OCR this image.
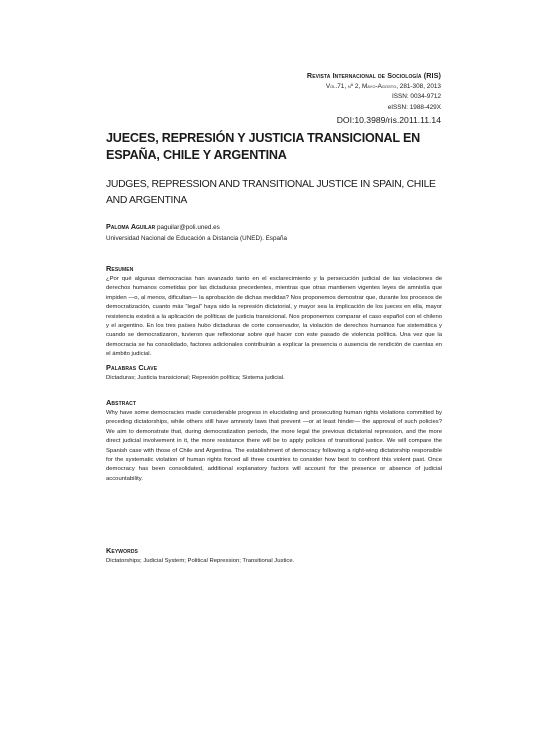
Revista Internacional de Sociología (RIS)
Vol.71, nº 2, Mayo-Agosto, 281-308, 2013
ISSN: 0034-9712
eISSN: 1988-429X
DOI:10.3989/ris.2011.11.14
JUECES, REPRESIÓN Y JUSTICIA TRANSICIONAL EN ESPAÑA, CHILE Y ARGENTINA
JUDGES, REPRESSION AND TRANSITIONAL JUSTICE IN SPAIN, CHILE AND ARGENTINA
Paloma Aguilar paguilar@poli.uned.es
Universidad Nacional de Educación a Distancia (UNED). España
Resumen
¿Por qué algunas democracias han avanzado tanto en el esclarecimiento y la persecución judicial de las violaciones de derechos humanos cometidas por las dictaduras precedentes, mientras que otras mantienen vigentes leyes de amnistía que impiden —o, al menos, dificultan— la aprobación de dichas medidas? Nos proponemos demostrar que, durante los procesos de democratización, cuanto más “legal” haya sido la represión dictatorial, y mayor sea la implicación de los jueces en ella, mayor resistencia existirá a la aplicación de políticas de justicia transicional. Nos proponemos comparar el caso español con el chileno y el argentino. En los tres países hubo dictaduras de corte conservador, la violación de derechos humanos fue sistemática y cuando se democratizaron, tuvieron que reflexionar sobre qué hacer con este pasado de violencia política. Una vez que la democracia se ha consolidado, factores adicionales contribuirán a explicar la presencia o ausencia de rendición de cuentas en el ámbito judicial.
Palabras Clave
Dictaduras; Justicia transicional; Represión política; Sistema judicial.
Abstract
Why have some democracies made considerable progress in elucidating and prosecuting human rights violations committed by preceding dictatorships, while others still have amnesty laws that prevent —or at least hinder— the approval of such policies? We aim to demonstrate that, during democratization periods, the more legal the previous dictatorial repression, and the more direct judicial involvement in it, the more resistance there will be to apply policies of transitional justice. We will compare the Spanish case with those of Chile and Argentina. The establishment of democracy following a right-wing dictatorship responsible for the systematic violation of human rights forced all three countries to consider how best to confront this violent past. Once democracy has been consolidated, additional explanatory factors will account for the presence or absence of judicial accountability.
Keywords
Dictatorships; Judicial System; Political Repression; Transitional Justice.
